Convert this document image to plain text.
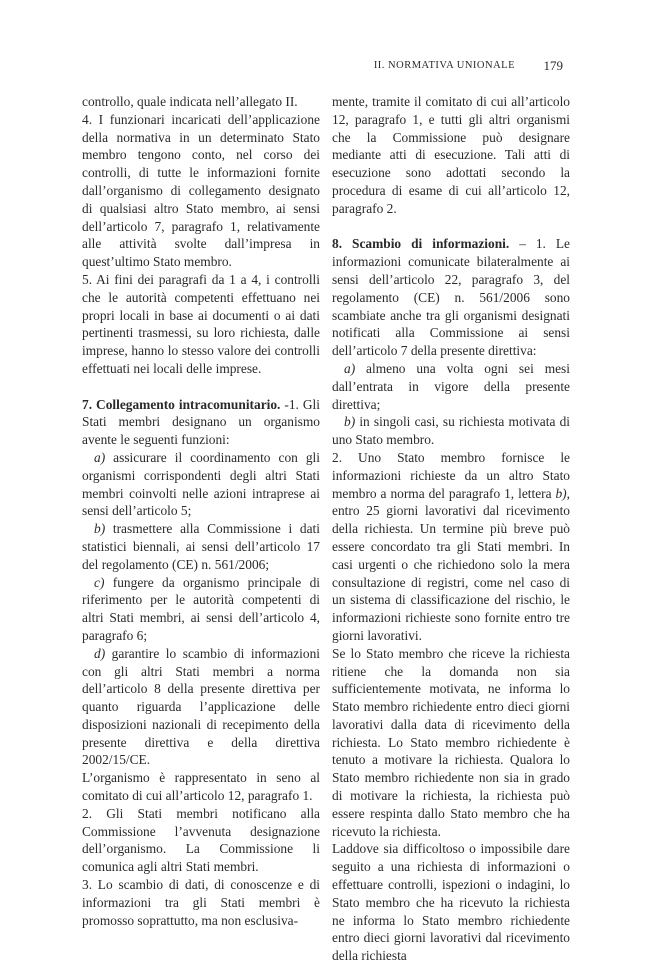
II. NORMATIVA UNIONALE 179

controllo, quale indicata nell’allegato II.

4. I funzionari incaricati dell’applicazione della normativa in un determinato Stato membro tengono conto, nel corso dei controlli, di tutte le informazioni fornite dall’organismo di collegamento designato di qualsiasi altro Stato membro, ai sensi dell’articolo 7, paragrafo 1, relativamente alle attività svolte dall’impresa in quest’ultimo Stato membro.

5. Ai fini dei paragrafi da 1 a 4, i controlli che le autorità competenti effettuano nei propri locali in base ai documenti o ai dati pertinenti trasmessi, su loro richiesta, dalle imprese, hanno lo stesso valore dei controlli effettuati nei locali delle imprese.

7. Collegamento intracomunitario. -1. Gli Stati membri designano un organismo avente le seguenti funzioni:

a) assicurare il coordinamento con gli organismi corrispondenti degli altri Stati membri coinvolti nelle azioni intraprese ai sensi dell’articolo 5;

b) trasmettere alla Commissione i dati statistici biennali, ai sensi dell’articolo 17 del regolamento (CE) n. 561/2006;

c) fungere da organismo principale di riferimento per le autorità competenti di altri Stati membri, ai sensi dell’articolo 4, paragrafo 6;

d) garantire lo scambio di informazioni con gli altri Stati membri a norma dell’articolo 8 della presente direttiva per quanto riguarda l’applicazione delle disposizioni nazionali di recepimento della presente direttiva e della direttiva 2002/15/CE.

L’organismo è rappresentato in seno al comitato di cui all’articolo 12, paragrafo 1.

2. Gli Stati membri notificano alla Commissione l’avvenuta designazione dell’organismo. La Commissione li comunica agli altri Stati membri.

3. Lo scambio di dati, di conoscenze e di informazioni tra gli Stati membri è promosso soprattutto, ma non esclusiva-

mente, tramite il comitato di cui all’articolo 12, paragrafo 1, e tutti gli altri organismi che la Commissione può designare mediante atti di esecuzione. Tali atti di esecuzione sono adottati secondo la procedura di esame di cui all’articolo 12, paragrafo 2.

8. Scambio di informazioni. – 1. Le informazioni comunicate bilateralmente ai sensi dell’articolo 22, paragrafo 3, del regolamento (CE) n. 561/2006 sono scambiate anche tra gli organismi designati notificati alla Commissione ai sensi dell’articolo 7 della presente direttiva:

a) almeno una volta ogni sei mesi dall’entrata in vigore della presente direttiva;

b) in singoli casi, su richiesta motivata di uno Stato membro.

2. Uno Stato membro fornisce le informazioni richieste da un altro Stato membro a norma del paragrafo 1, lettera b), entro 25 giorni lavorativi dal ricevimento della richiesta. Un termine più breve può essere concordato tra gli Stati membri. In casi urgenti o che richiedono solo la mera consultazione di registri, come nel caso di un sistema di classificazione del rischio, le informazioni richieste sono fornite entro tre giorni lavorativi.

Se lo Stato membro che riceve la richiesta ritiene che la domanda non sia sufficientemente motivata, ne informa lo Stato membro richiedente entro dieci giorni lavorativi dalla data di ricevimento della richiesta. Lo Stato membro richiedente è tenuto a motivare la richiesta. Qualora lo Stato membro richiedente non sia in grado di motivare la richiesta, la richiesta può essere respinta dallo Stato membro che ha ricevuto la richiesta.

Laddove sia difficoltoso o impossibile dare seguito a una richiesta di informazioni o effettuare controlli, ispezioni o indagini, lo Stato membro che ha ricevuto la richiesta ne informa lo Stato membro richiedente entro dieci giorni lavorativi dal ricevimento della richiesta
